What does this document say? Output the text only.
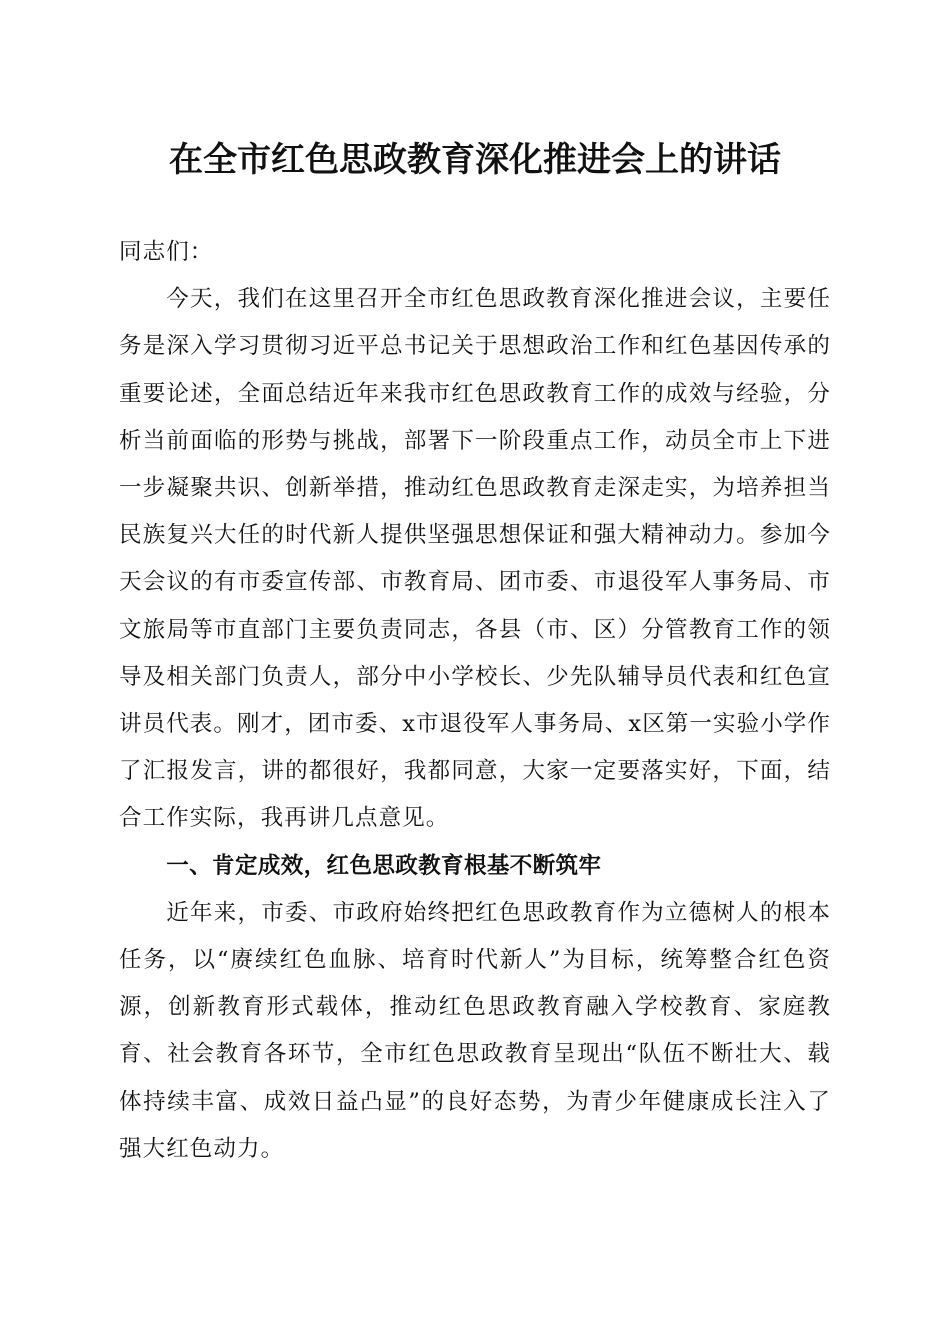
在全市红色思政教育深化推进会上的讲话

同志们：

今天，我们在这里召开全市红色思政教育深化推进会议，主要任务是深入学习贯彻习近平总书记关于思想政治工作和红色基因传承的重要论述，全面总结近年来我市红色思政教育工作的成效与经验，分析当前面临的形势与挑战，部署下一阶段重点工作，动员全市上下进一步凝聚共识、创新举措，推动红色思政教育走深走实，为培养担当民族复兴大任的时代新人提供坚强思想保证和强大精神动力。参加今天会议的有市委宣传部、市教育局、团市委、市退役军人事务局、市文旅局等市直部门主要负责同志，各县（市、区）分管教育工作的领导及相关部门负责人，部分中小学校长、少先队辅导员代表和红色宣讲员代表。刚才，团市委、x市退役军人事务局、x区第一实验小学作了汇报发言，讲的都很好，我都同意，大家一定要落实好，下面，结合工作实际，我再讲几点意见。

一、肯定成效，红色思政教育根基不断筑牢

近年来，市委、市政府始终把红色思政教育作为立德树人的根本任务，以“赓续红色血脉、培育时代新人”为目标，统筹整合红色资源，创新教育形式载体，推动红色思政教育融入学校教育、家庭教育、社会教育各环节，全市红色思政教育呈现出“队伍不断壮大、载体持续丰富、成效日益凸显”的良好态势，为青少年健康成长注入了强大红色动力。
